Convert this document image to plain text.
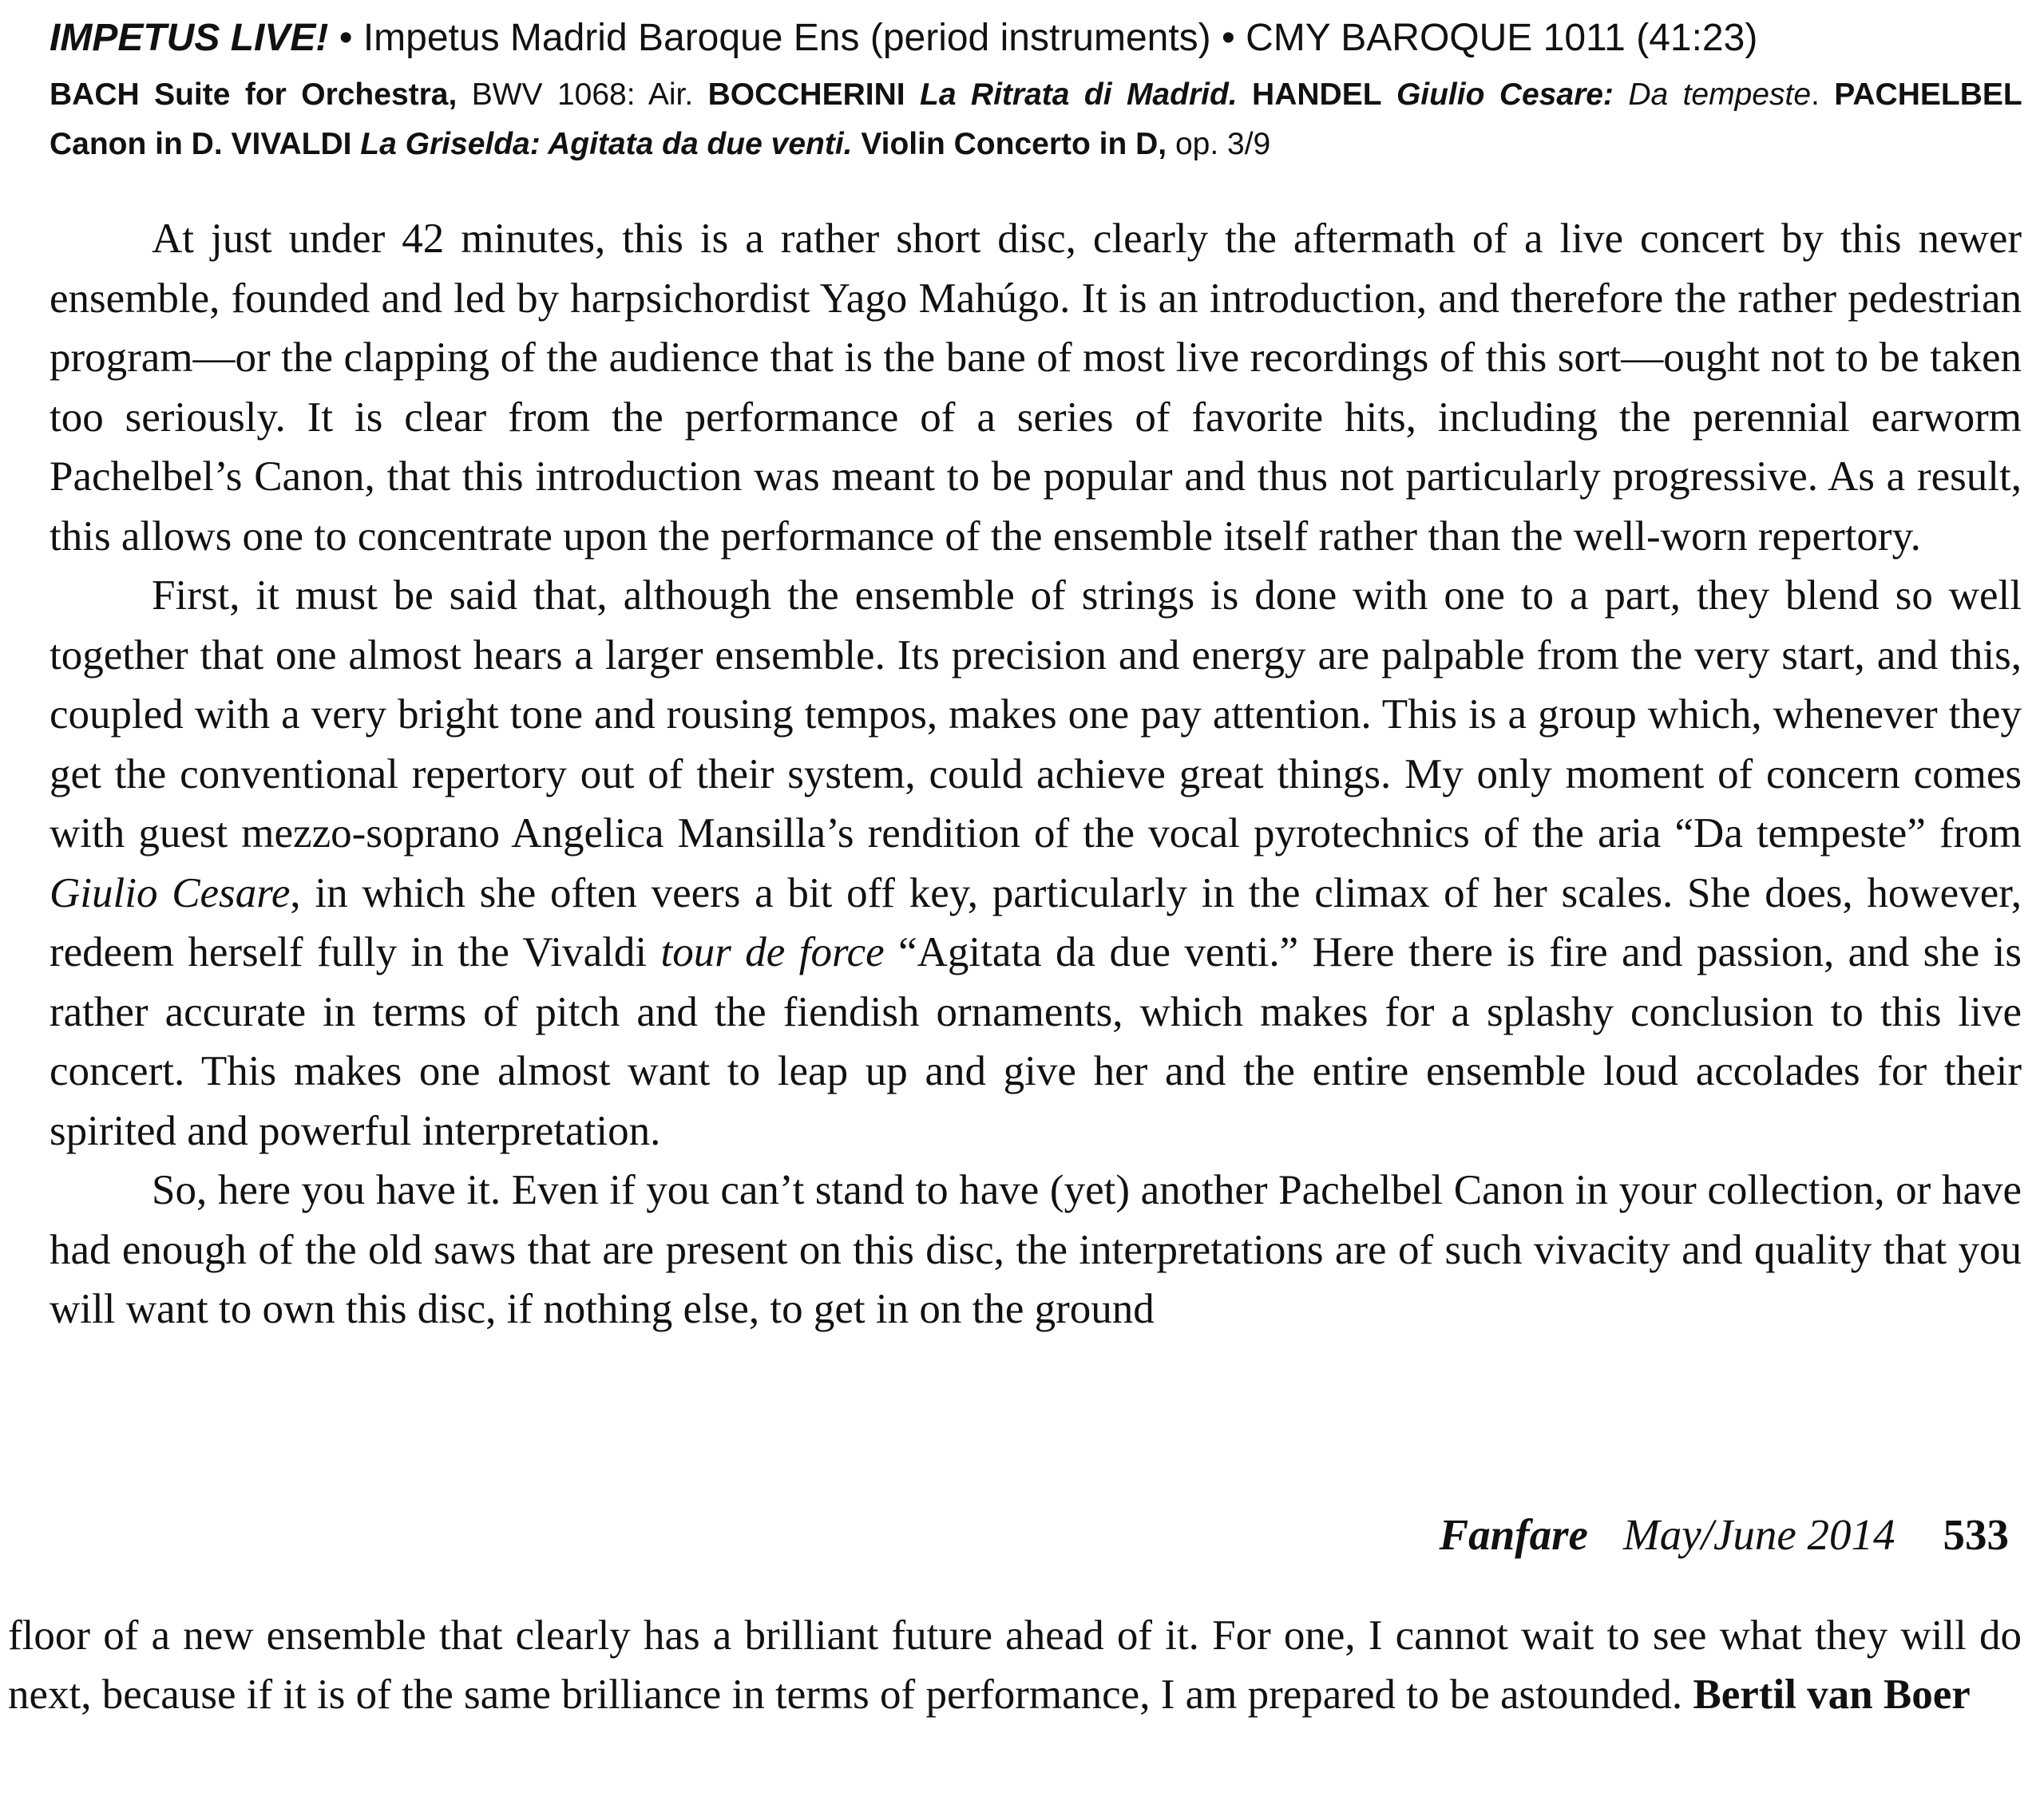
IMPETUS LIVE! • Impetus Madrid Baroque Ens (period instruments) • CMY BAROQUE 1011 (41:23)
BACH Suite for Orchestra, BWV 1068: Air. BOCCHERINI La Ritrata di Madrid. HANDEL Giulio Cesare: Da tempeste. PACHELBEL Canon in D. VIVALDI La Griselda: Agitata da due venti. Violin Concerto in D, op. 3/9

At just under 42 minutes, this is a rather short disc, clearly the aftermath of a live concert by this newer ensemble, founded and led by harpsichordist Yago Mahúgo. It is an introduction, and therefore the rather pedestrian program—or the clapping of the audience that is the bane of most live recordings of this sort—ought not to be taken too seriously. It is clear from the performance of a series of favorite hits, including the perennial earworm Pachelbel’s Canon, that this introduction was meant to be popular and thus not particularly progressive. As a result, this allows one to concentrate upon the performance of the ensemble itself rather than the well-worn repertory.

First, it must be said that, although the ensemble of strings is done with one to a part, they blend so well together that one almost hears a larger ensemble. Its precision and energy are palpable from the very start, and this, coupled with a very bright tone and rousing tempos, makes one pay attention. This is a group which, whenever they get the conventional repertory out of their system, could achieve great things. My only moment of concern comes with guest mezzo-soprano Angelica Mansilla’s rendition of the vocal pyrotechnics of the aria “Da tempeste” from Giulio Cesare, in which she often veers a bit off key, particularly in the climax of her scales. She does, however, redeem herself fully in the Vivaldi tour de force “Agitata da due venti.” Here there is fire and passion, and she is rather accurate in terms of pitch and the fiendish ornaments, which makes for a splashy conclusion to this live concert. This makes one almost want to leap up and give her and the entire ensemble loud accolades for their spirited and powerful interpretation.

So, here you have it. Even if you can’t stand to have (yet) another Pachelbel Canon in your collection, or have had enough of the old saws that are present on this disc, the interpretations are of such vivacity and quality that you will want to own this disc, if nothing else, to get in on the ground

Fanfare May/June 2014 533
floor of a new ensemble that clearly has a brilliant future ahead of it. For one, I cannot wait to see what they will do next, because if it is of the same brilliance in terms of performance, I am prepared to be astounded. Bertil van Boer
